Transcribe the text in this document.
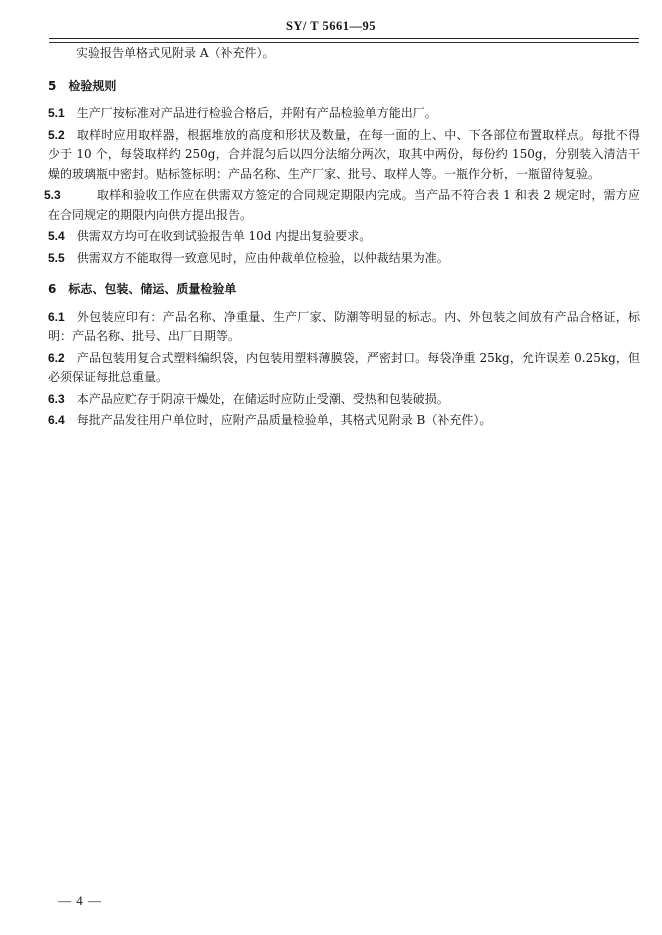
SY/ T 5661—95

实验报告单格式见附录 A（补充件）。

5 检验规则

5.1 生产厂按标准对产品进行检验合格后，并附有产品检验单方能出厂。

5.2 取样时应用取样器，根据堆放的高度和形状及数量，在每一面的上、中、下各部位布置取样点。每批不得少于 10 个，每袋取样约 250g，合并混匀后以四分法缩分两次，取其中两份，每份约 150g，分别装入清洁干燥的玻璃瓶中密封。贴标签标明：产品名称、生产厂家、批号、取样人等。一瓶作分析，一瓶留待复验。

5.3	取样和验收工作应在供需双方签定的合同规定期限内完成。当产品不符合表 1 和表 2 规定时，需方应在合同规定的期限内向供方提出报告。

5.4 供需双方均可在收到试验报告单 10d 内提出复验要求。

5.5 供需双方不能取得一致意见时，应由仲裁单位检验，以仲裁结果为准。

6 标志、包装、储运、质量检验单

6.1 外包装应印有：产品名称、净重量、生产厂家、防潮等明显的标志。内、外包装之间放有产品合格证，标明：产品名称、批号、出厂日期等。

6.2 产品包装用复合式塑料编织袋，内包装用塑料薄膜袋，严密封口。每袋净重 25kg，允许误差 0.25kg，但必须保证每批总重量。

6.3 本产品应贮存于阴凉干燥处，在储运时应防止受潮、受热和包装破损。

6.4 每批产品发往用户单位时，应附产品质量检验单，其格式见附录 B（补充件）。

— 4 —
